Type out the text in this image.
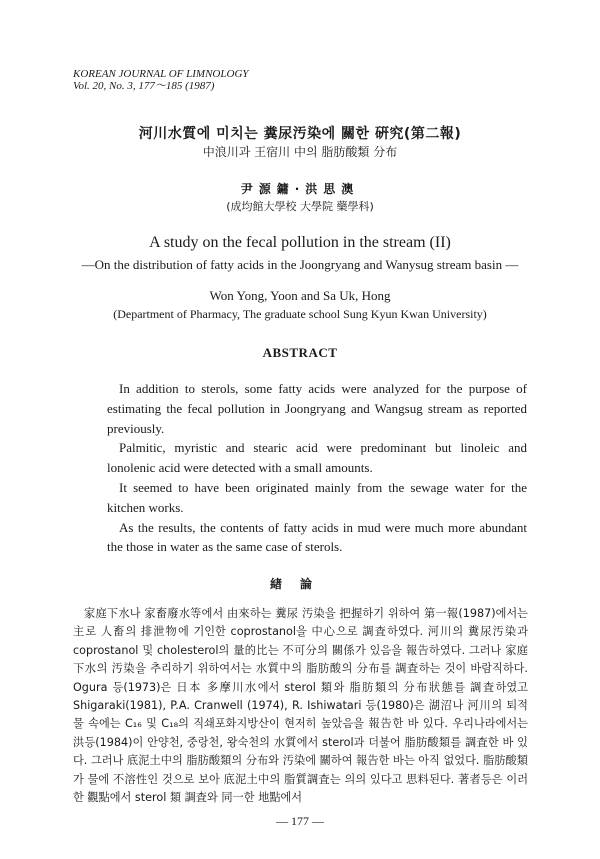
KOREAN JOURNAL OF LIMNOLOGY
Vol. 20, No. 3, 177～185 (1987)
河川水質에 미치는 糞尿汚染에 關한 硏究(第二報)
中浪川과 王宿川 中의 脂肪酸類 分布
尹源鏞·洪思澳
(成均館大學校 大學院 藥學科)
A study on the fecal pollution in the stream (II)
—On the distribution of fatty acids in the Joongryang and Wanysug stream basin —
Won Yong, Yoon and Sa Uk, Hong
(Department of Pharmacy, The graduate school Sung Kyun Kwan University)
ABSTRACT

In addition to sterols, some fatty acids were analyzed for the purpose of estimating the fecal pollution in Joongryang and Wangsug stream as reported previously.

Palmitic, myristic and stearic acid were predominant but linoleic and lonolenic acid were detected with a small amounts.

It seemed to have been originated mainly from the sewage water for the kitchen works.

As the results, the contents of fatty acids in mud were much more abundant the those in water as the same case of sterols.

緖論

家庭下水나 家畜廢水等에서 由來하는 糞尿 汚染을 把握하기 위하여 第一報(1987)에서는 主로 人畜의 排泄物에 기인한 coprostanol을 中心으로 調査하였다. 河川의 糞尿汚染과 coprostanol 및 cholesterol의 量的比는 不可分의 關係가 있음을 報告하였다. 그러나 家庭下水의 汚染을 추리하기 위하여서는 水質中의 脂肪酸의 分布를 調査하는 것이 바람직하다. Ogura 등(1973)은 日本 多摩川水에서 sterol 類와 脂肪類의 分布狀態를 調査하였고 Shigaraki(1981), P.A. Cranwell (1974), R. Ishiwatari 등(1980)은 湖沼나 河川의 퇴적물 속에는 C₁₆ 및 C₁₈의 직쇄포화지방산이 현저히 높았음을 報告한 바 있다. 우리나라에서는 洪등(1984)이 안양천, 중랑천, 왕숙천의 水質에서 sterol과 더불어 脂肪酸類를 調査한 바 있다. 그러나 底泥土中의 脂肪酸類의 分布와 汚染에 關하여 報告한 바는 아직 없었다. 脂肪酸類가 물에 不溶性인 것으로 보아 底泥土中의 脂質調査는 의의 있다고 思料된다. 著者등은 이러한 觀點에서 sterol 類 調査와 同一한 地點에서

— 177 —
